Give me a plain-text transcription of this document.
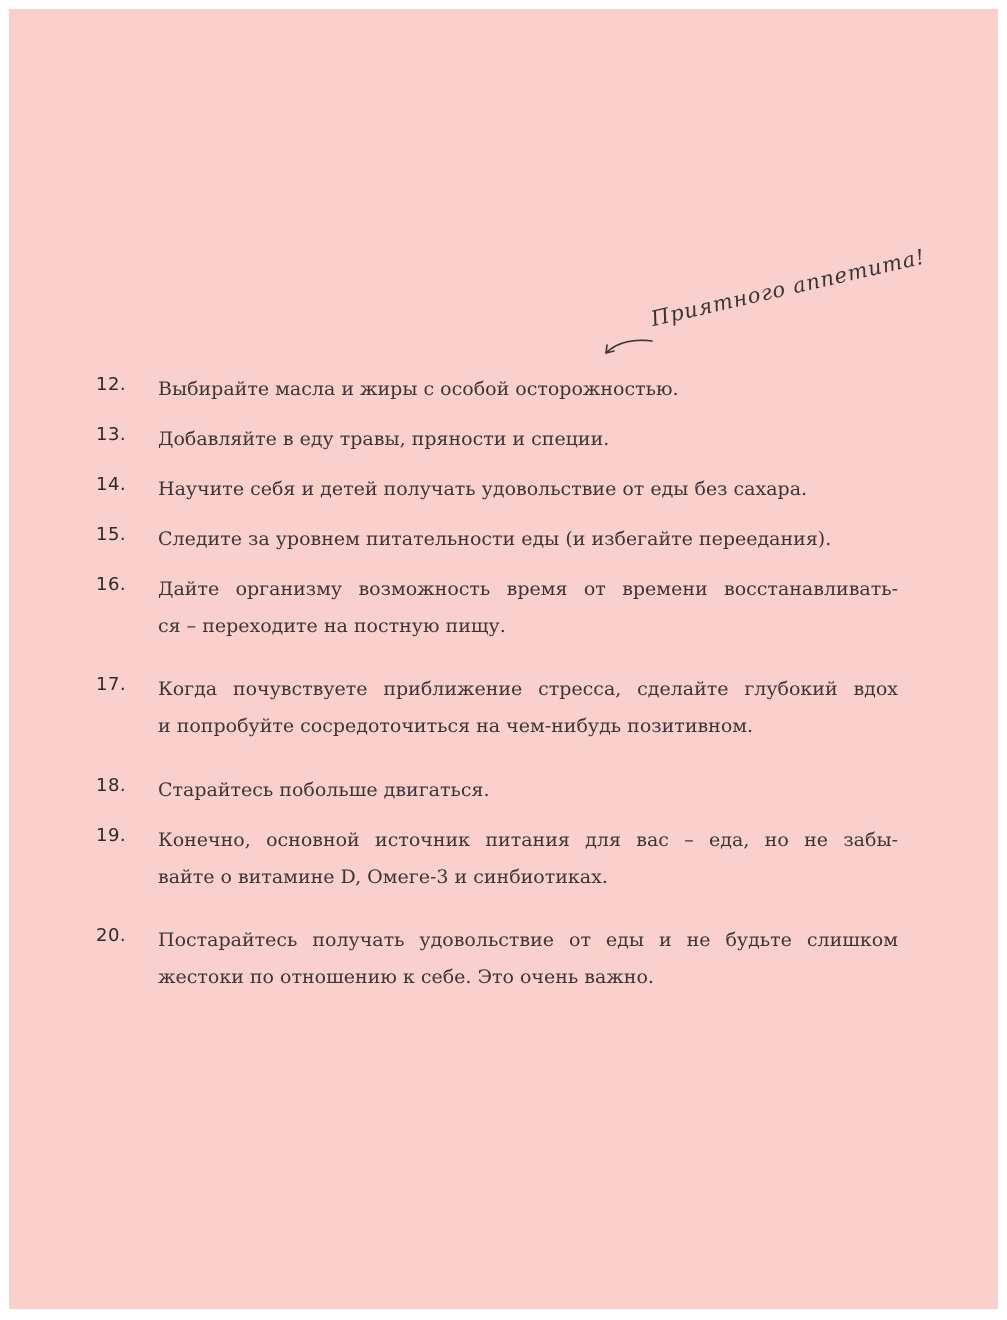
Приятного аппетита!
12. Выбирайте масла и жиры с особой осторожностью.
13. Добавляйте в еду травы, пряности и специи.
14. Научите себя и детей получать удовольствие от еды без сахара.
15. Следите за уровнем питательности еды (и избегайте переедания).
16. Дайте организму возможность время от времени восстанавливать-
ся – переходите на постную пищу.
17. Когда почувствуете приближение стресса, сделайте глубокий вдох
и попробуйте сосредоточиться на чем-нибудь позитивном.
18. Старайтесь побольше двигаться.
19. Конечно, основной источник питания для вас – еда, но не забы-
вайте о витамине D, Омеге-3 и синбиотиках.
20. Постарайтесь получать удовольствие от еды и не будьте слишком
жестоки по отношению к себе. Это очень важно.
